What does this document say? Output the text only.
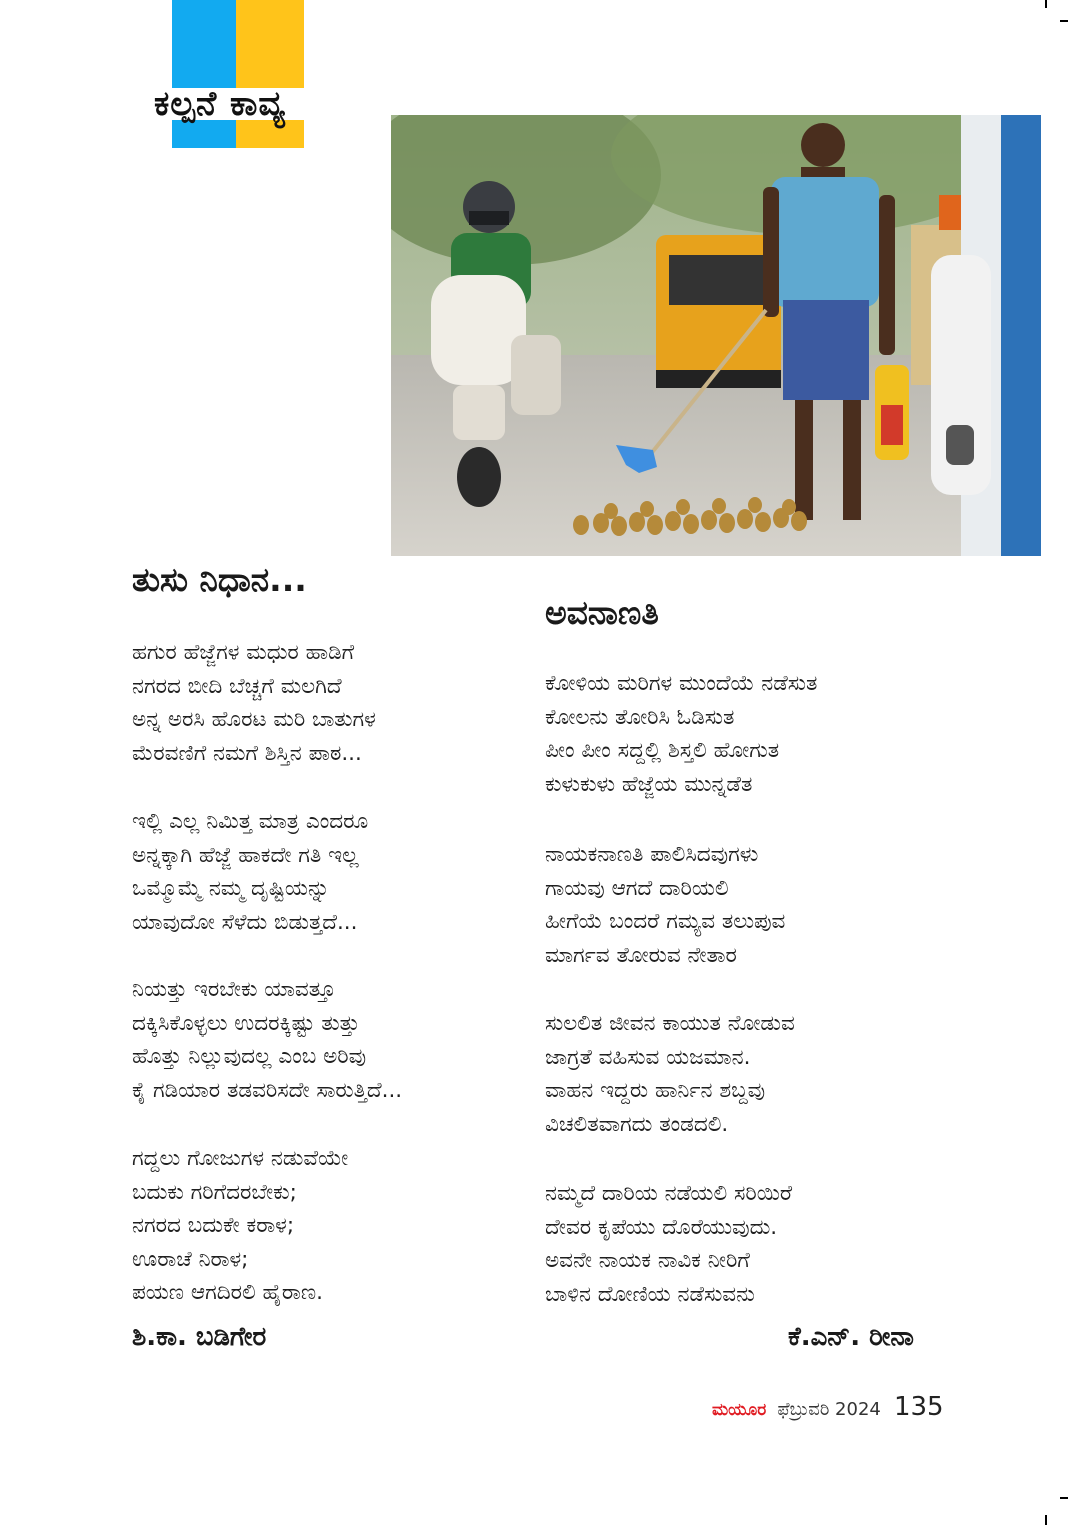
ಕಲ್ಪನೆ ಕಾವ್ಯ
ತುಸು ನಿಧಾನ...
ಹಗುರ ಹೆಜ್ಜೆಗಳ ಮಧುರ ಹಾಡಿಗೆ
ನಗರದ ಬೀದಿ ಬೆಚ್ಚಗೆ ಮಲಗಿದೆ
ಅನ್ನ ಅರಸಿ ಹೊರಟ ಮರಿ ಬಾತುಗಳ
ಮೆರವಣಿಗೆ ನಮಗೆ ಶಿಸ್ತಿನ ಪಾಠ...
ಇಲ್ಲಿ ಎಲ್ಲ ನಿಮಿತ್ತ ಮಾತ್ರ ಎಂದರೂ
ಅನ್ನಕ್ಕಾಗಿ ಹೆಜ್ಜೆ ಹಾಕದೇ ಗತಿ ಇಲ್ಲ
ಒಮ್ಮೊಮ್ಮೆ ನಮ್ಮ ದೃಷ್ಟಿಯನ್ನು
ಯಾವುದೋ ಸೆಳೆದು ಬಿಡುತ್ತದೆ...
ನಿಯತ್ತು ಇರಬೇಕು ಯಾವತ್ತೂ
ದಕ್ಕಿಸಿಕೊಳ್ಳಲು ಉದರಕ್ಕಿಷ್ಟು ತುತ್ತು
ಹೊತ್ತು ನಿಲ್ಲುವುದಲ್ಲ ಎಂಬ ಅರಿವು
ಕೈ ಗಡಿಯಾರ ತಡವರಿಸದೇ ಸಾರುತ್ತಿದೆ...
ಗದ್ದಲು ಗೋಜುಗಳ ನಡುವೆಯೇ
ಬದುಕು ಗರಿಗೆದರಬೇಕು;
ನಗರದ ಬದುಕೇ ಕರಾಳ;
ಊರಾಚೆ ನಿರಾಳ;
ಪಯಣ ಆಗದಿರಲಿ ಹೈರಾಣ.
ಶಿ.ಕಾ. ಬಡಿಗೇರ
ಅವನಾಣತಿ
ಕೋಳಿಯ ಮರಿಗಳ ಮುಂದೆಯೆ ನಡೆಸುತ
ಕೋಲನು ತೋರಿಸಿ ಓಡಿಸುತ
ಪೀಂ ಪೀಂ ಸದ್ದಲ್ಲಿ ಶಿಸ್ತಲಿ ಹೋಗುತ
ಕುಳುಕುಳು ಹೆಜ್ಜೆಯ ಮುನ್ನಡೆತ
ನಾಯಕನಾಣತಿ ಪಾಲಿಸಿದವುಗಳು
ಗಾಯವು ಆಗದೆ ದಾರಿಯಲಿ
ಹೀಗೆಯೆ ಬಂದರೆ ಗಮ್ಯವ ತಲುಪುವ
ಮಾರ್ಗವ ತೋರುವ ನೇತಾರ
ಸುಲಲಿತ ಜೀವನ ಕಾಯುತ ನೋಡುವ
ಜಾಗ್ರತೆ ವಹಿಸುವ ಯಜಮಾನ.
ವಾಹನ ಇದ್ದರು ಹಾರ್ನಿನ ಶಬ್ದವು
ವಿಚಲಿತವಾಗದು ತಂಡದಲಿ.
ನಮ್ಮದೆ ದಾರಿಯ ನಡೆಯಲಿ ಸರಿಯಿರೆ
ದೇವರ ಕೃಪೆಯು ದೊರೆಯುವುದು.
ಅವನೇ ನಾಯಕ ನಾವಿಕ ನೀರಿಗೆ
ಬಾಳಿನ ದೋಣಿಯ ನಡೆಸುವನು
ಕೆ.ಎನ್. ರೀನಾ
ಮಯೂರ ಫೆಬ್ರುವರಿ 2024 135
